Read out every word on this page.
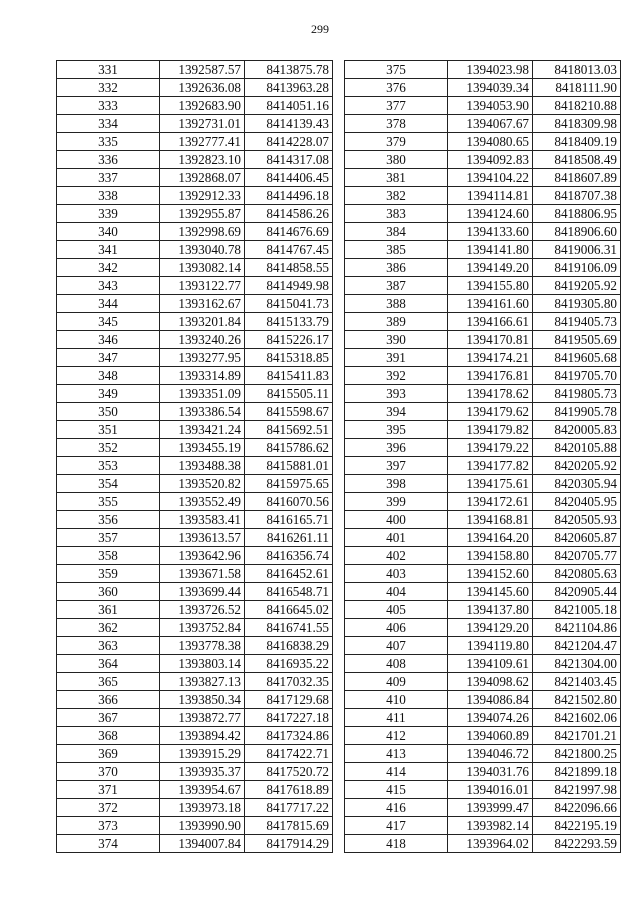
299
331	1392587.57	8413875.78
332	1392636.08	8413963.28
333	1392683.90	8414051.16
334	1392731.01	8414139.43
335	1392777.41	8414228.07
336	1392823.10	8414317.08
337	1392868.07	8414406.45
338	1392912.33	8414496.18
339	1392955.87	8414586.26
340	1392998.69	8414676.69
341	1393040.78	8414767.45
342	1393082.14	8414858.55
343	1393122.77	8414949.98
344	1393162.67	8415041.73
345	1393201.84	8415133.79
346	1393240.26	8415226.17
347	1393277.95	8415318.85
348	1393314.89	8415411.83
349	1393351.09	8415505.11
350	1393386.54	8415598.67
351	1393421.24	8415692.51
352	1393455.19	8415786.62
353	1393488.38	8415881.01
354	1393520.82	8415975.65
355	1393552.49	8416070.56
356	1393583.41	8416165.71
357	1393613.57	8416261.11
358	1393642.96	8416356.74
359	1393671.58	8416452.61
360	1393699.44	8416548.71
361	1393726.52	8416645.02
362	1393752.84	8416741.55
363	1393778.38	8416838.29
364	1393803.14	8416935.22
365	1393827.13	8417032.35
366	1393850.34	8417129.68
367	1393872.77	8417227.18
368	1393894.42	8417324.86
369	1393915.29	8417422.71
370	1393935.37	8417520.72
371	1393954.67	8417618.89
372	1393973.18	8417717.22
373	1393990.90	8417815.69
374	1394007.84	8417914.29
375	1394023.98	8418013.03
376	1394039.34	8418111.90
377	1394053.90	8418210.88
378	1394067.67	8418309.98
379	1394080.65	8418409.19
380	1394092.83	8418508.49
381	1394104.22	8418607.89
382	1394114.81	8418707.38
383	1394124.60	8418806.95
384	1394133.60	8418906.60
385	1394141.80	8419006.31
386	1394149.20	8419106.09
387	1394155.80	8419205.92
388	1394161.60	8419305.80
389	1394166.61	8419405.73
390	1394170.81	8419505.69
391	1394174.21	8419605.68
392	1394176.81	8419705.70
393	1394178.62	8419805.73
394	1394179.62	8419905.78
395	1394179.82	8420005.83
396	1394179.22	8420105.88
397	1394177.82	8420205.92
398	1394175.61	8420305.94
399	1394172.61	8420405.95
400	1394168.81	8420505.93
401	1394164.20	8420605.87
402	1394158.80	8420705.77
403	1394152.60	8420805.63
404	1394145.60	8420905.44
405	1394137.80	8421005.18
406	1394129.20	8421104.86
407	1394119.80	8421204.47
408	1394109.61	8421304.00
409	1394098.62	8421403.45
410	1394086.84	8421502.80
411	1394074.26	8421602.06
412	1394060.89	8421701.21
413	1394046.72	8421800.25
414	1394031.76	8421899.18
415	1394016.01	8421997.98
416	1393999.47	8422096.66
417	1393982.14	8422195.19
418	1393964.02	8422293.59
